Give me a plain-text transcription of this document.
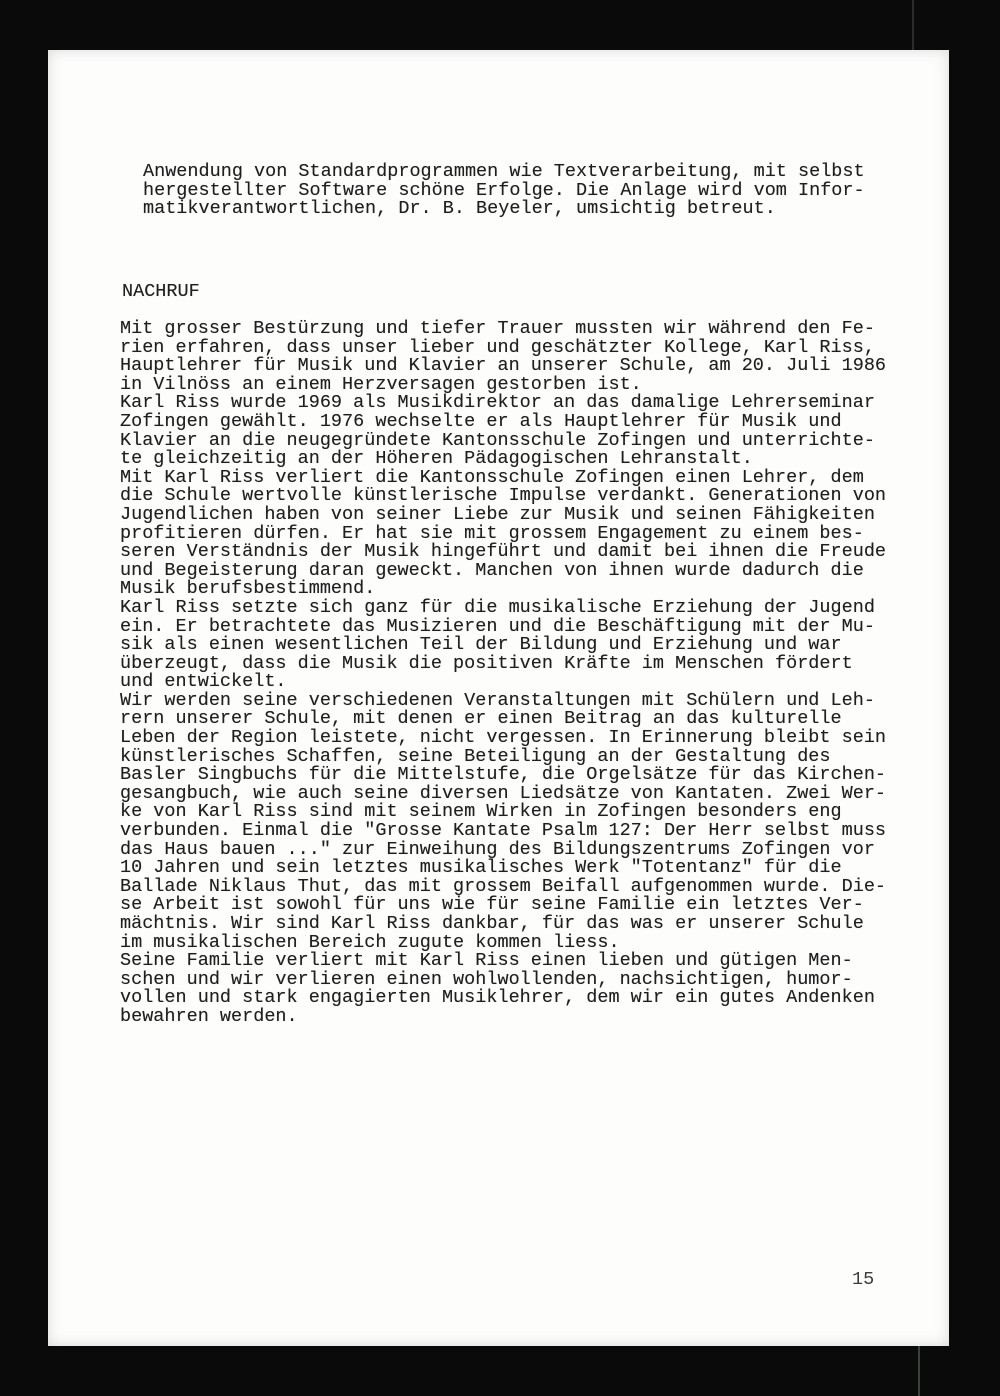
Anwendung von Standardprogrammen wie Textverarbeitung, mit selbst
hergestellter Software schöne Erfolge. Die Anlage wird vom Infor-
matikverantwortlichen, Dr. B. Beyeler, umsichtig betreut.
NACHRUF
Mit grosser Bestürzung und tiefer Trauer mussten wir während den Fe-
rien erfahren, dass unser lieber und geschätzter Kollege, Karl Riss,
Hauptlehrer für Musik und Klavier an unserer Schule, am 20. Juli 1986
in Vilnöss an einem Herzversagen gestorben ist.
Karl Riss wurde 1969 als Musikdirektor an das damalige Lehrerseminar
Zofingen gewählt. 1976 wechselte er als Hauptlehrer für Musik und
Klavier an die neugegründete Kantonsschule Zofingen und unterrichte-
te gleichzeitig an der Höheren Pädagogischen Lehranstalt.
Mit Karl Riss verliert die Kantonsschule Zofingen einen Lehrer, dem
die Schule wertvolle künstlerische Impulse verdankt. Generationen von
Jugendlichen haben von seiner Liebe zur Musik und seinen Fähigkeiten
profitieren dürfen. Er hat sie mit grossem Engagement zu einem bes-
seren Verständnis der Musik hingeführt und damit bei ihnen die Freude
und Begeisterung daran geweckt. Manchen von ihnen wurde dadurch die
Musik berufsbestimmend.
Karl Riss setzte sich ganz für die musikalische Erziehung der Jugend
ein. Er betrachtete das Musizieren und die Beschäftigung mit der Mu-
sik als einen wesentlichen Teil der Bildung und Erziehung und war
überzeugt, dass die Musik die positiven Kräfte im Menschen fördert
und entwickelt.
Wir werden seine verschiedenen Veranstaltungen mit Schülern und Leh-
rern unserer Schule, mit denen er einen Beitrag an das kulturelle
Leben der Region leistete, nicht vergessen. In Erinnerung bleibt sein
künstlerisches Schaffen, seine Beteiligung an der Gestaltung des
Basler Singbuchs für die Mittelstufe, die Orgelsätze für das Kirchen-
gesangbuch, wie auch seine diversen Liedsätze von Kantaten. Zwei Wer-
ke von Karl Riss sind mit seinem Wirken in Zofingen besonders eng
verbunden. Einmal die "Grosse Kantate Psalm 127: Der Herr selbst muss
das Haus bauen ..." zur Einweihung des Bildungszentrums Zofingen vor
10 Jahren und sein letztes musikalisches Werk "Totentanz" für die
Ballade Niklaus Thut, das mit grossem Beifall aufgenommen wurde. Die-
se Arbeit ist sowohl für uns wie für seine Familie ein letztes Ver-
mächtnis. Wir sind Karl Riss dankbar, für das was er unserer Schule
im musikalischen Bereich zugute kommen liess.
Seine Familie verliert mit Karl Riss einen lieben und gütigen Men-
schen und wir verlieren einen wohlwollenden, nachsichtigen, humor-
vollen und stark engagierten Musiklehrer, dem wir ein gutes Andenken
bewahren werden.
15
